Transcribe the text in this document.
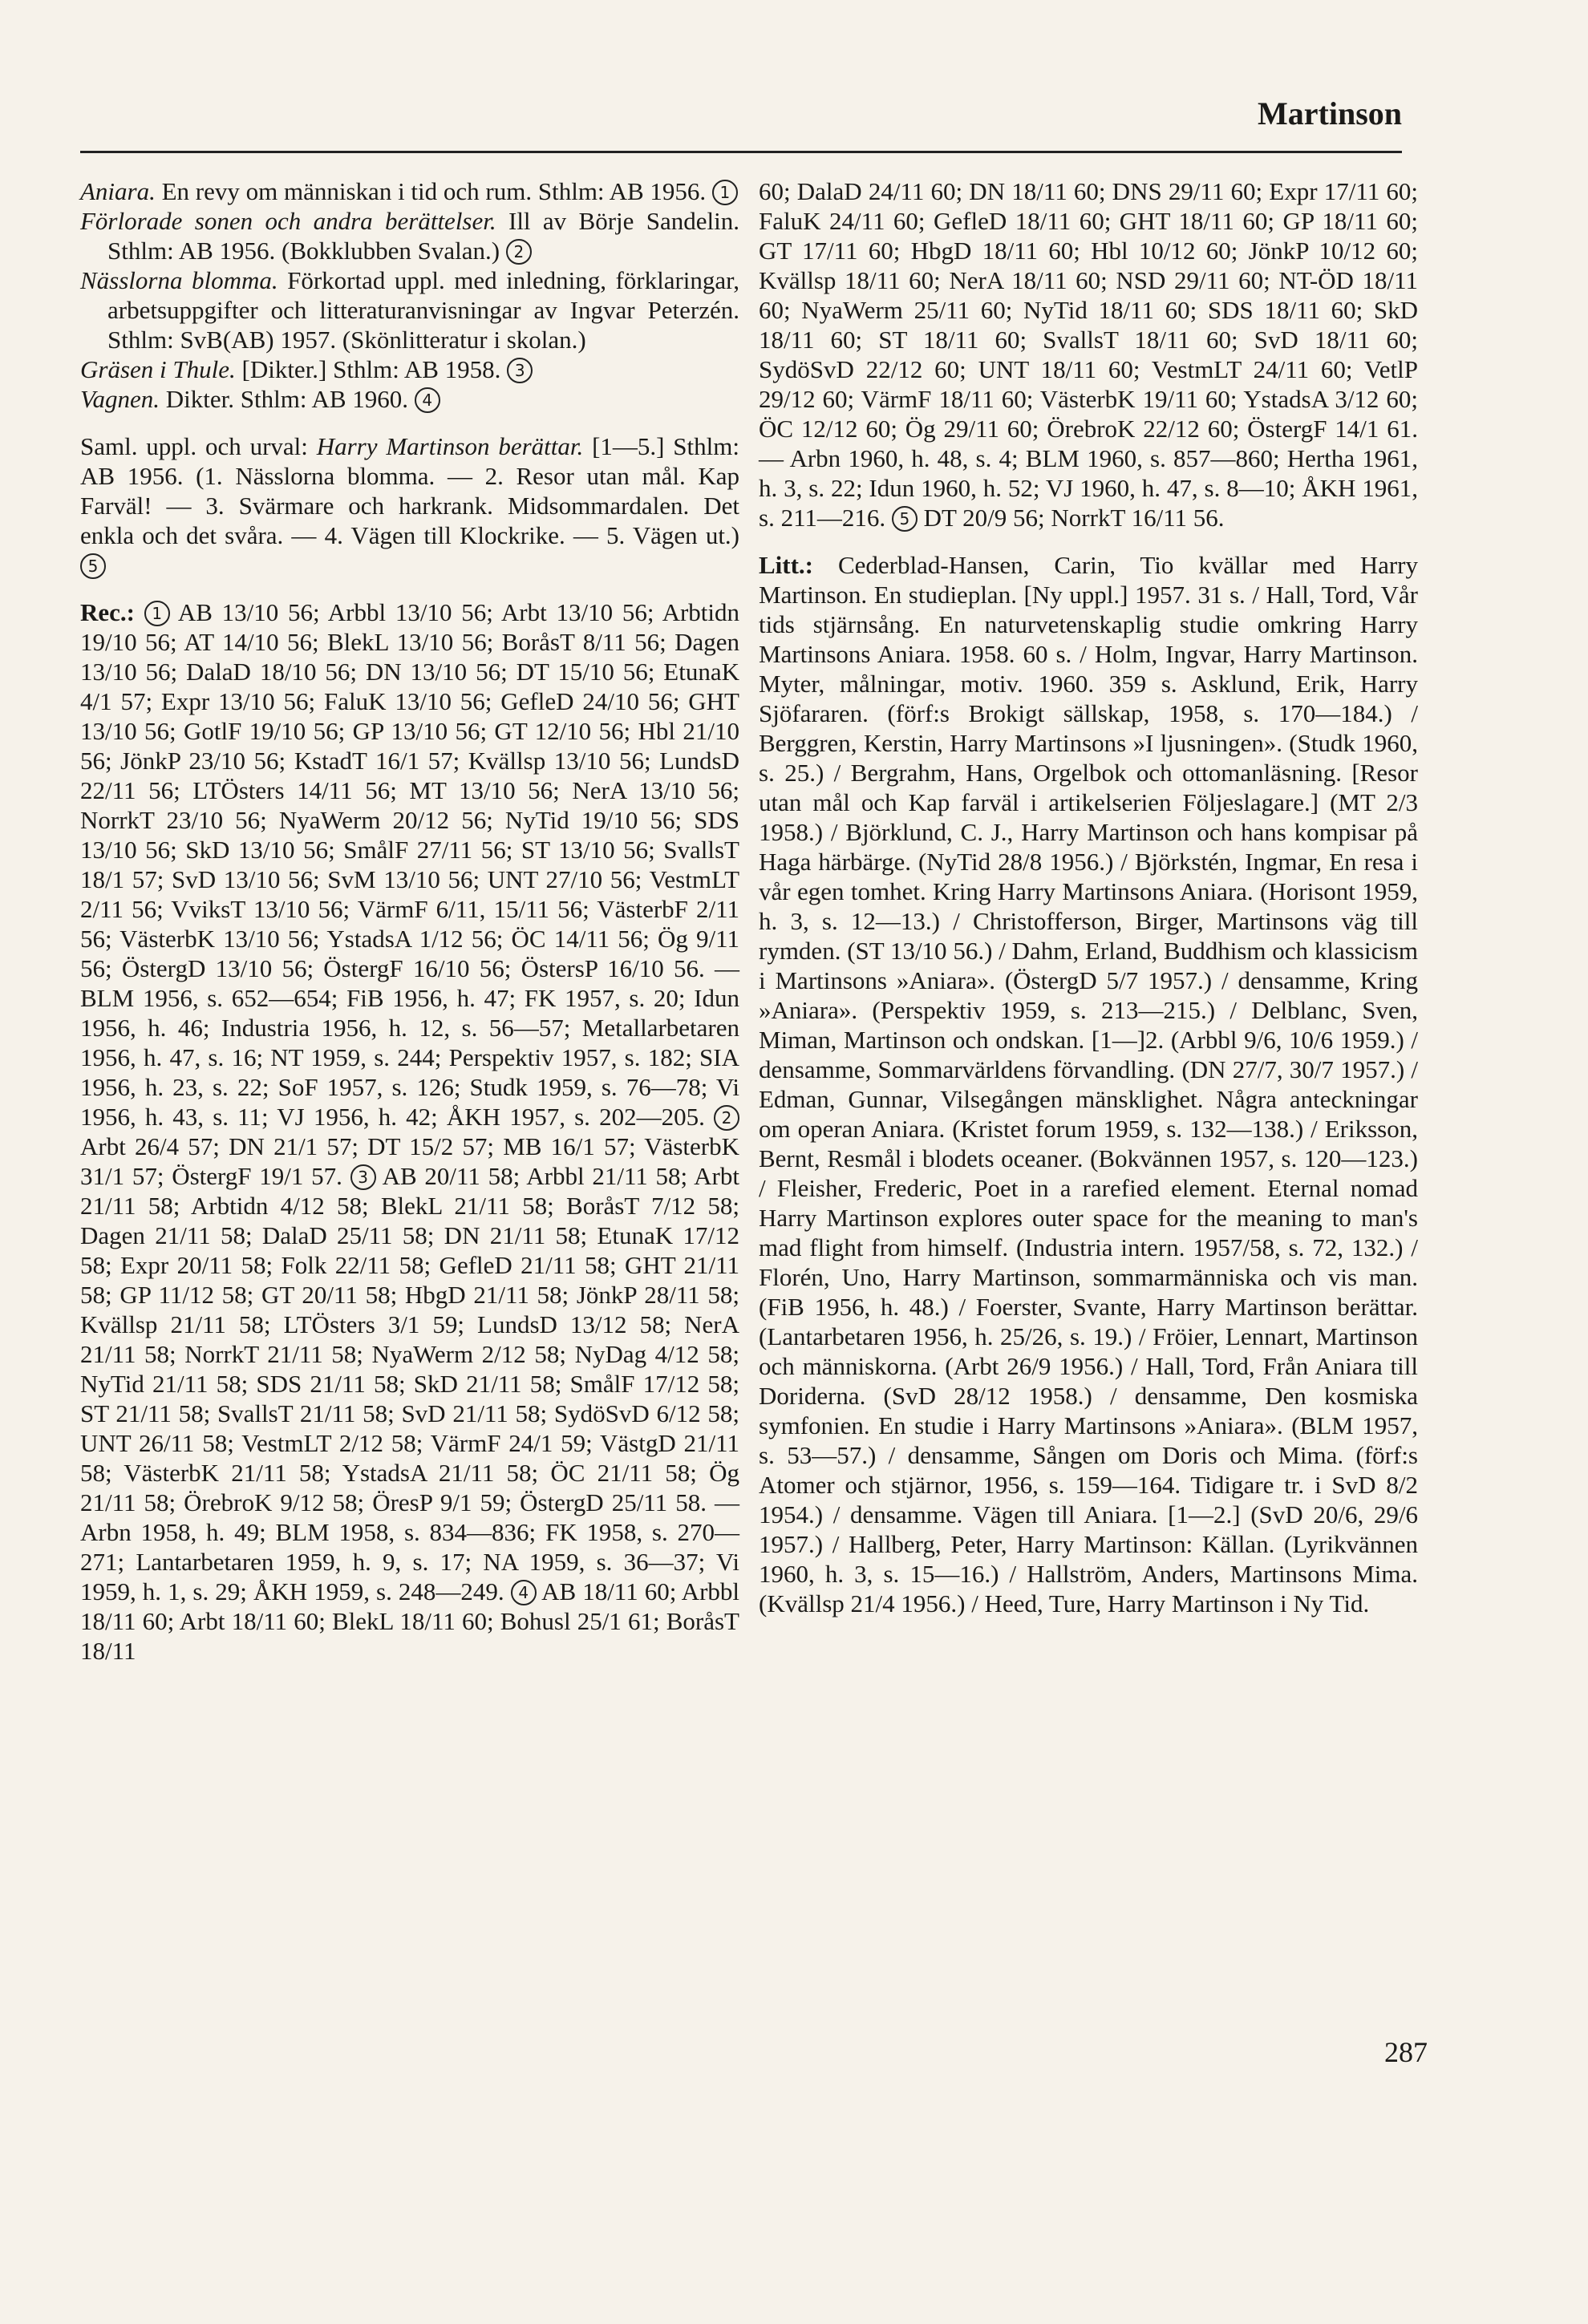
Martinson

Aniara. En revy om människan i tid och rum. Sthlm: AB 1956. 1

Förlorade sonen och andra berättelser. Ill av Börje Sandelin. Sthlm: AB 1956. (Bokklubben Svalan.) 2

Nässlorna blomma. Förkortad uppl. med inledning, förklaringar, arbetsuppgifter och litteraturanvisningar av Ingvar Peterzén. Sthlm: SvB(AB) 1957. (Skönlitteratur i skolan.)

Gräsen i Thule. [Dikter.] Sthlm: AB 1958. 3

Vagnen. Dikter. Sthlm: AB 1960. 4

Saml. uppl. och urval: Harry Martinson berättar. [1—5.] Sthlm: AB 1956. (1. Nässlorna blomma. — 2. Resor utan mål. Kap Farväl! — 3. Svärmare och harkrank. Midsommardalen. Det enkla och det svåra. — 4. Vägen till Klockrike. — 5. Vägen ut.) 5

Rec.: 1 AB 13/10 56; Arbbl 13/10 56; Arbt 13/10 56; Arbtidn 19/10 56; AT 14/10 56; BlekL 13/10 56; BoråsT 8/11 56; Dagen 13/10 56; DalaD 18/10 56; DN 13/10 56; DT 15/10 56; EtunaK 4/1 57; Expr 13/10 56; FaluK 13/10 56; GefleD 24/10 56; GHT 13/10 56; GotlF 19/10 56; GP 13/10 56; GT 12/10 56; Hbl 21/10 56; JönkP 23/10 56; KstadT 16/1 57; Kvällsp 13/10 56; LundsD 22/11 56; LTÖsters 14/11 56; MT 13/10 56; NerA 13/10 56; NorrkT 23/10 56; NyaWerm 20/12 56; NyTid 19/10 56; SDS 13/10 56; SkD 13/10 56; SmålF 27/11 56; ST 13/10 56; SvallsT 18/1 57; SvD 13/10 56; SvM 13/10 56; UNT 27/10 56; VestmLT 2/11 56; VviksT 13/10 56; VärmF 6/11, 15/11 56; VästerbF 2/11 56; VästerbK 13/10 56; YstadsA 1/12 56; ÖC 14/11 56; Ög 9/11 56; ÖstergD 13/10 56; ÖstergF 16/10 56; ÖstersP 16/10 56. — BLM 1956, s. 652—654; FiB 1956, h. 47; FK 1957, s. 20; Idun 1956, h. 46; Industria 1956, h. 12, s. 56—57; Metallarbetaren 1956, h. 47, s. 16; NT 1959, s. 244; Perspektiv 1957, s. 182; SIA 1956, h. 23, s. 22; SoF 1957, s. 126; Studk 1959, s. 76—78; Vi 1956, h. 43, s. 11; VJ 1956, h. 42; ÅKH 1957, s. 202—205. 2 Arbt 26/4 57; DN 21/1 57; DT 15/2 57; MB 16/1 57; VästerbK 31/1 57; ÖstergF 19/1 57. 3 AB 20/11 58; Arbbl 21/11 58; Arbt 21/11 58; Arbtidn 4/12 58; BlekL 21/11 58; BoråsT 7/12 58; Dagen 21/11 58; DalaD 25/11 58; DN 21/11 58; EtunaK 17/12 58; Expr 20/11 58; Folk 22/11 58; GefleD 21/11 58; GHT 21/11 58; GP 11/12 58; GT 20/11 58; HbgD 21/11 58; JönkP 28/11 58; Kvällsp 21/11 58; LTÖsters 3/1 59; LundsD 13/12 58; NerA 21/11 58; NorrkT 21/11 58; NyaWerm 2/12 58; NyDag 4/12 58; NyTid 21/11 58; SDS 21/11 58; SkD 21/11 58; SmålF 17/12 58; ST 21/11 58; SvallsT 21/11 58; SvD 21/11 58; SydöSvD 6/12 58; UNT 26/11 58; VestmLT 2/12 58; VärmF 24/1 59; VästgD 21/11 58; VästerbK 21/11 58; YstadsA 21/11 58; ÖC 21/11 58; Ög 21/11 58; ÖrebroK 9/12 58; ÖresP 9/1 59; ÖstergD 25/11 58. — Arbn 1958, h. 49; BLM 1958, s. 834—836; FK 1958, s. 270—271; Lantarbetaren 1959, h. 9, s. 17; NA 1959, s. 36—37; Vi 1959, h. 1, s. 29; ÅKH 1959, s. 248—249. 4 AB 18/11 60; Arbbl 18/11 60; Arbt 18/11 60; BlekL 18/11 60; Bohusl 25/1 61; BoråsT 18/11

60; DalaD 24/11 60; DN 18/11 60; DNS 29/11 60; Expr 17/11 60; FaluK 24/11 60; GefleD 18/11 60; GHT 18/11 60; GP 18/11 60; GT 17/11 60; HbgD 18/11 60; Hbl 10/12 60; JönkP 10/12 60; Kvällsp 18/11 60; NerA 18/11 60; NSD 29/11 60; NT-ÖD 18/11 60; NyaWerm 25/11 60; NyTid 18/11 60; SDS 18/11 60; SkD 18/11 60; ST 18/11 60; SvallsT 18/11 60; SvD 18/11 60; SydöSvD 22/12 60; UNT 18/11 60; VestmLT 24/11 60; VetlP 29/12 60; VärmF 18/11 60; VästerbK 19/11 60; YstadsA 3/12 60; ÖC 12/12 60; Ög 29/11 60; ÖrebroK 22/12 60; ÖstergF 14/1 61. — Arbn 1960, h. 48, s. 4; BLM 1960, s. 857—860; Hertha 1961, h. 3, s. 22; Idun 1960, h. 52; VJ 1960, h. 47, s. 8—10; ÅKH 1961, s. 211—216. 5 DT 20/9 56; NorrkT 16/11 56.

Litt.: Cederblad-Hansen, Carin, Tio kvällar med Harry Martinson. En studieplan. [Ny uppl.] 1957. 31 s. / Hall, Tord, Vår tids stjärnsång. En naturvetenskaplig studie omkring Harry Martinsons Aniara. 1958. 60 s. / Holm, Ingvar, Harry Martinson. Myter, målningar, motiv. 1960. 359 s. Asklund, Erik, Harry Sjöfararen. (förf:s Brokigt sällskap, 1958, s. 170—184.) / Berggren, Kerstin, Harry Martinsons »I ljusningen». (Studk 1960, s. 25.) / Bergrahm, Hans, Orgelbok och ottomanläsning. [Resor utan mål och Kap farväl i artikelserien Följeslagare.] (MT 2/3 1958.) / Björklund, C. J., Harry Martinson och hans kompisar på Haga härbärge. (NyTid 28/8 1956.) / Björkstén, Ingmar, En resa i vår egen tomhet. Kring Harry Martinsons Aniara. (Horisont 1959, h. 3, s. 12—13.) / Christofferson, Birger, Martinsons väg till rymden. (ST 13/10 56.) / Dahm, Erland, Buddhism och klassicism i Martinsons »Aniara». (ÖstergD 5/7 1957.) / densamme, Kring »Aniara». (Perspektiv 1959, s. 213—215.) / Delblanc, Sven, Miman, Martinson och ondskan. [1—]2. (Arbbl 9/6, 10/6 1959.) / densamme, Sommarvärldens förvandling. (DN 27/7, 30/7 1957.) / Edman, Gunnar, Vilsegången mänsklighet. Några anteckningar om operan Aniara. (Kristet forum 1959, s. 132—138.) / Eriksson, Bernt, Resmål i blodets oceaner. (Bokvännen 1957, s. 120—123.) / Fleisher, Frederic, Poet in a rarefied element. Eternal nomad Harry Martinson explores outer space for the meaning to man's mad flight from himself. (Industria intern. 1957/58, s. 72, 132.) / Florén, Uno, Harry Martinson, sommarmänniska och vis man. (FiB 1956, h. 48.) / Foerster, Svante, Harry Martinson berättar. (Lantarbetaren 1956, h. 25/26, s. 19.) / Fröier, Lennart, Martinson och människorna. (Arbt 26/9 1956.) / Hall, Tord, Från Aniara till Doriderna. (SvD 28/12 1958.) / densamme, Den kosmiska symfonien. En studie i Harry Martinsons »Aniara». (BLM 1957, s. 53—57.) / densamme, Sången om Doris och Mima. (förf:s Atomer och stjärnor, 1956, s. 159—164. Tidigare tr. i SvD 8/2 1954.) / densamme. Vägen till Aniara. [1—2.] (SvD 20/6, 29/6 1957.) / Hallberg, Peter, Harry Martinson: Källan. (Lyrikvännen 1960, h. 3, s. 15—16.) / Hallström, Anders, Martinsons Mima. (Kvällsp 21/4 1956.) / Heed, Ture, Harry Martinson i Ny Tid.

287
